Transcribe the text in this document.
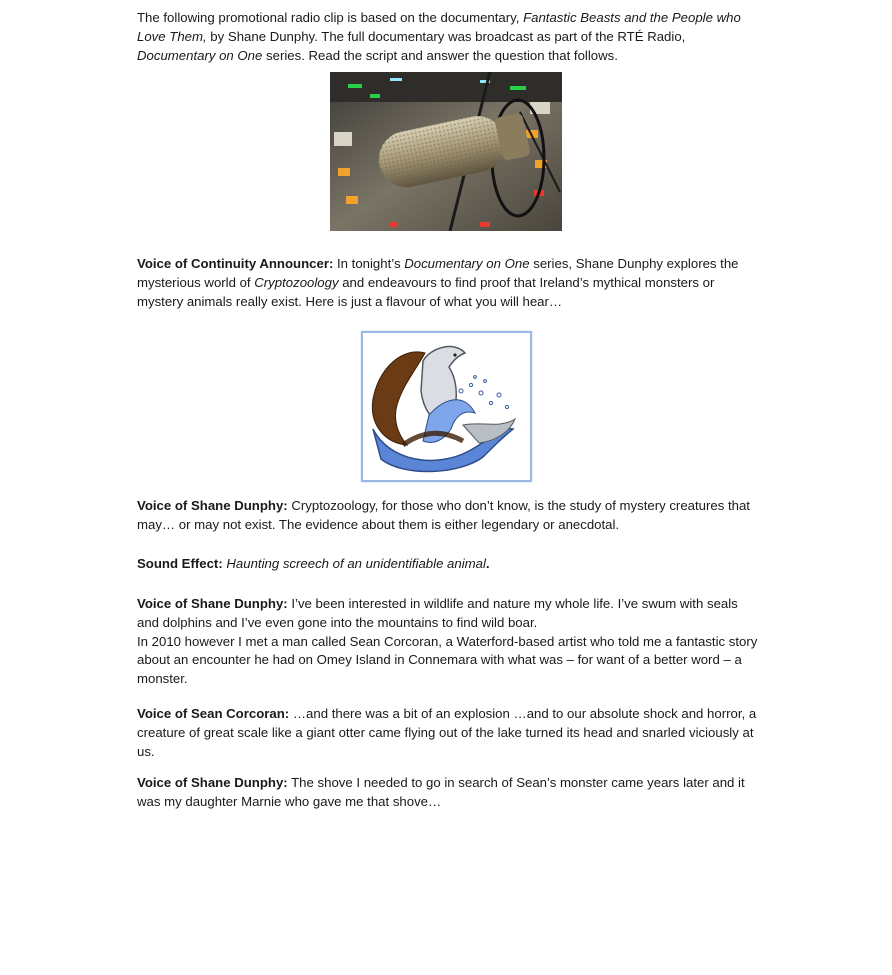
The following promotional radio clip is based on the documentary, Fantastic Beasts and the People who Love Them, by Shane Dunphy. The full documentary was broadcast as part of the RTÉ Radio, Documentary on One series. Read the script and answer the question that follows.

Voice of Continuity Announcer: In tonight’s Documentary on One series, Shane Dunphy explores the mysterious world of Cryptozoology and endeavours to find proof that Ireland’s mythical monsters or mystery animals really exist. Here is just a flavour of what you will hear…

Voice of Shane Dunphy: Cryptozoology, for those who don’t know, is the study of mystery creatures that may… or may not exist. The evidence about them is either legendary or anecdotal.

Sound Effect: Haunting screech of an unidentifiable animal.

Voice of Shane Dunphy: I’ve been interested in wildlife and nature my whole life. I’ve swum with seals and dolphins and I’ve even gone into the mountains to find wild boar.
In 2010 however I met a man called Sean Corcoran, a Waterford-based artist who told me a fantastic story about an encounter he had on Omey Island in Connemara with what was – for want of a better word – a monster.

Voice of Sean Corcoran: …and there was a bit of an explosion …and to our absolute shock and horror, a creature of great scale like a giant otter came flying out of the lake turned its head and snarled viciously at us.

Voice of Shane Dunphy: The shove I needed to go in search of Sean’s monster came years later and it was my daughter Marnie who gave me that shove…
